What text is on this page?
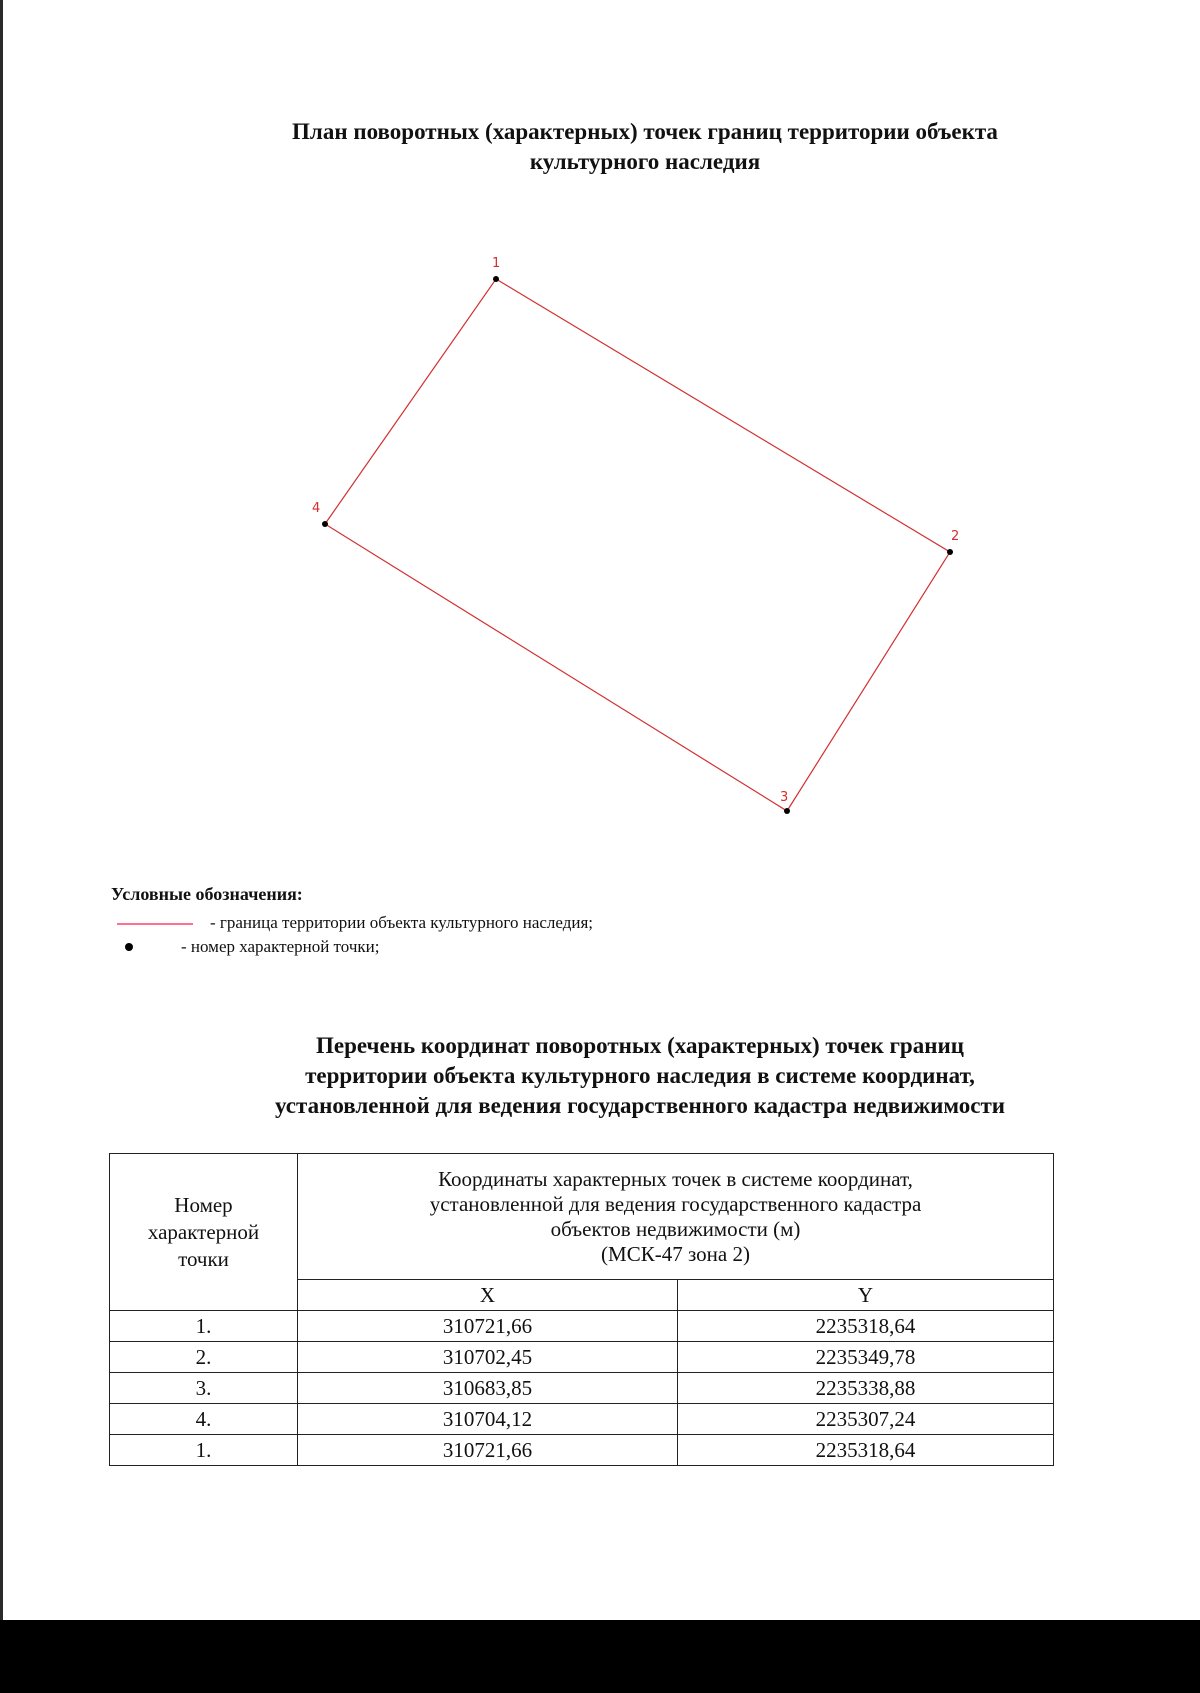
План поворотных (характерных) точек границ территории объекта
культурного наследия
1
2
3
4

Условные обозначения:

- граница территории объекта культурного наследия;
- номер характерной точки;
Перечень координат поворотных (характерных) точек границ
территории объекта культурного наследия в системе координат,
установленной для ведения государственного кадастра недвижимости
Номер
характерной
точки	Координаты характерных точек в системе координат,
установленной для ведения государственного кадастра
объектов недвижимости (м)
(МСК-47 зона 2)	
	X	Y
1.	310721,66	2235318,64
2.	310702,45	2235349,78
3.	310683,85	2235338,88
4.	310704,12	2235307,24
1.	310721,66	2235318,64
